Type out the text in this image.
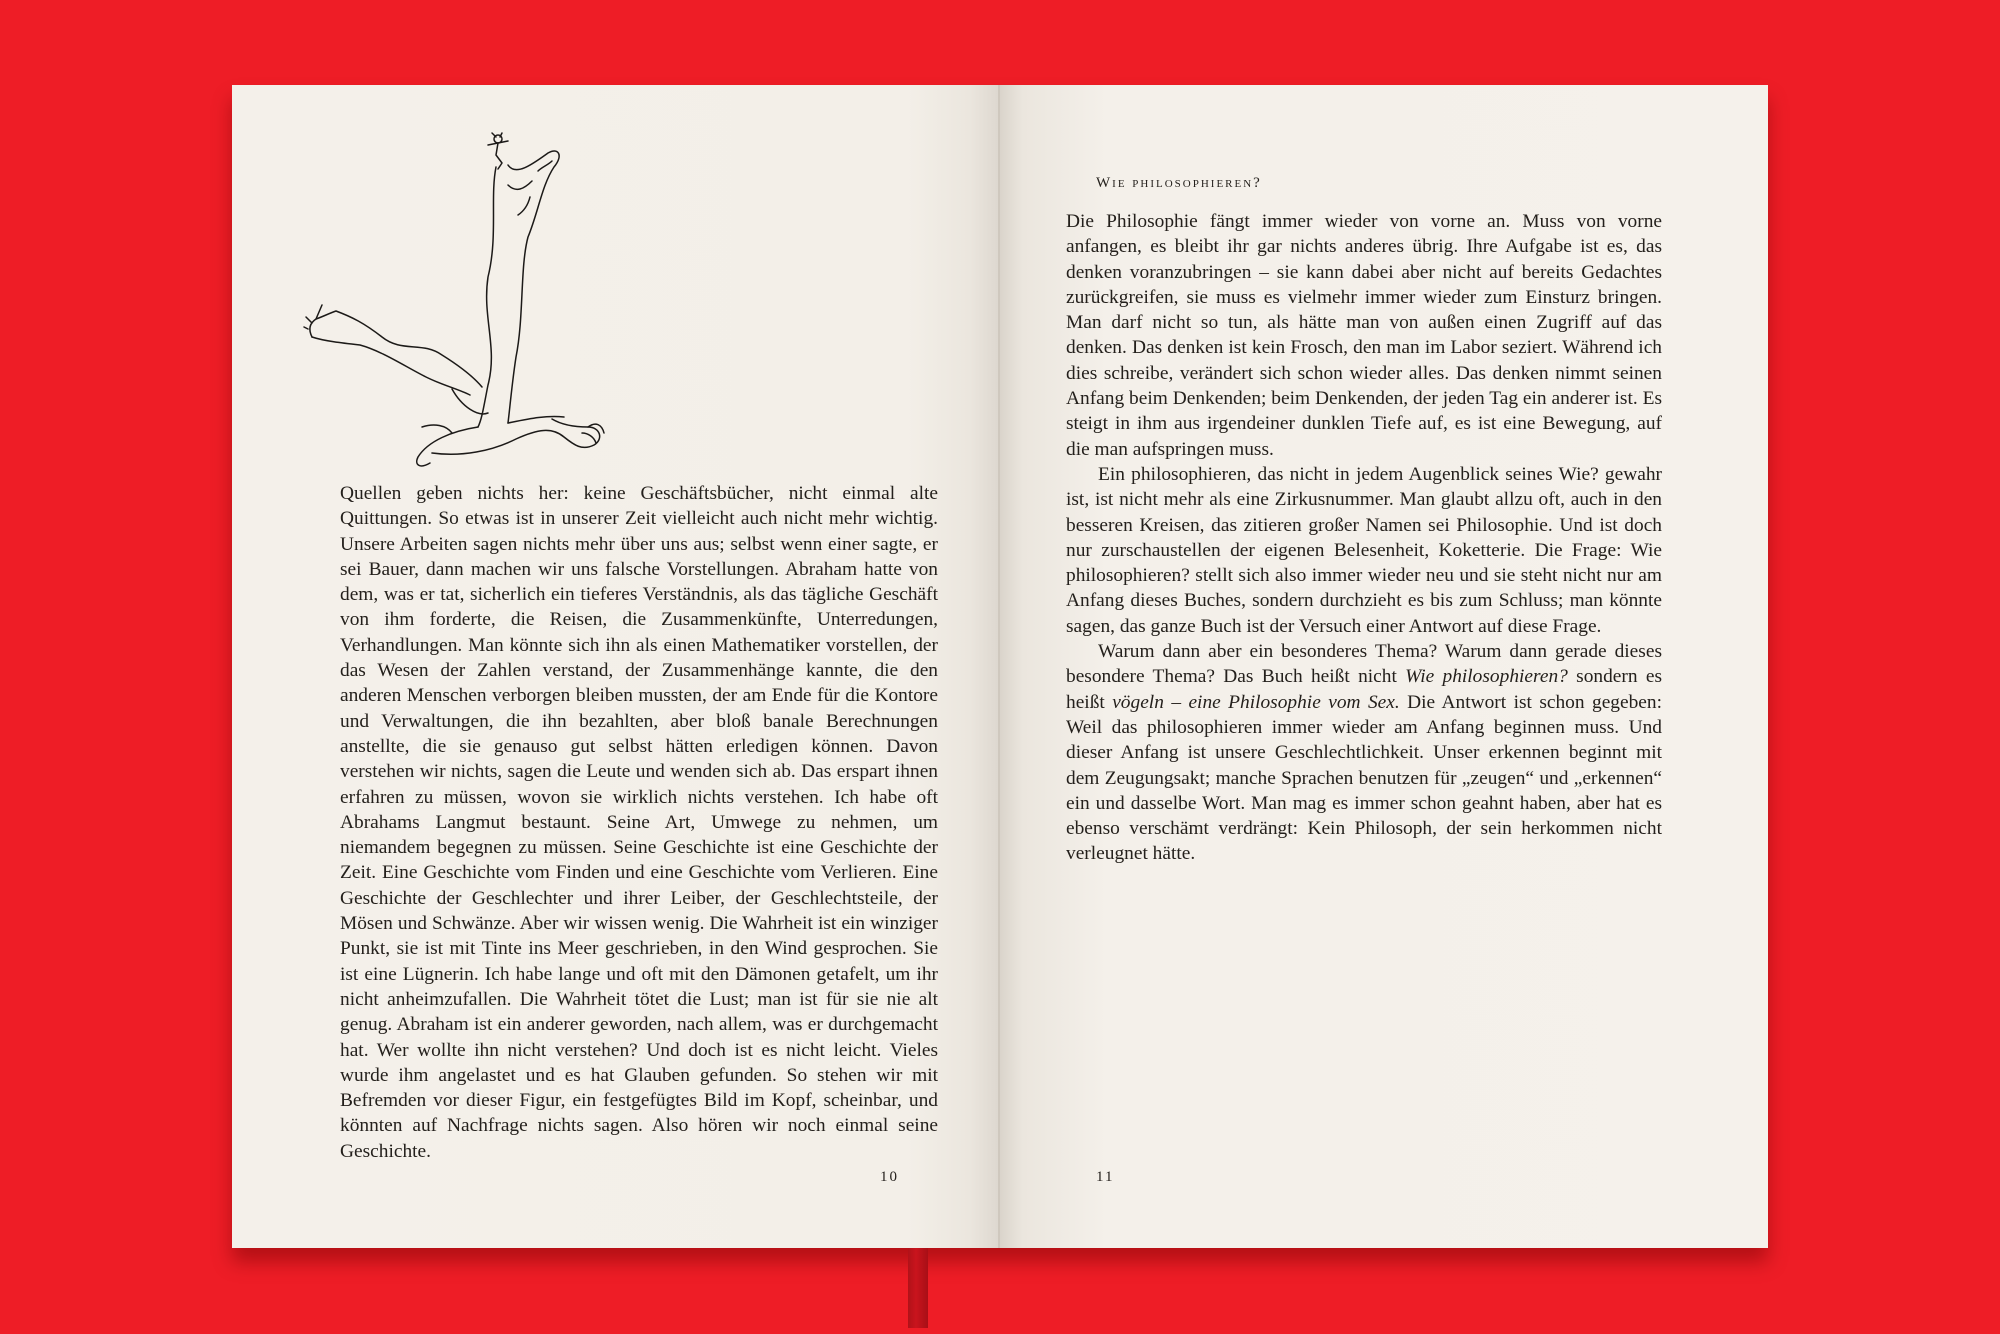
Quellen geben nichts her: keine Geschäftsbücher, nicht einmal alte Quittungen. So etwas ist in unserer Zeit vielleicht auch nicht mehr wichtig. Unsere Arbeiten sagen nichts mehr über uns aus; selbst wenn einer sagte, er sei Bauer, dann machen wir uns falsche Vorstellungen. Abraham hatte von dem, was er tat, sicherlich ein tieferes Verständnis, als das tägliche Geschäft von ihm forderte, die Reisen, die Zusammenkünfte, Unterredungen, Verhandlungen. Man könnte sich ihn als einen Mathematiker vorstellen, der das Wesen der Zahlen verstand, der Zusammenhänge kannte, die den anderen Menschen verborgen bleiben mussten, der am Ende für die Kontore und Verwaltungen, die ihn bezahlten, aber bloß banale Berechnungen anstellte, die sie genauso gut selbst hätten erledigen können. Davon verstehen wir nichts, sagen die Leute und wenden sich ab. Das erspart ihnen erfahren zu müssen, wovon sie wirklich nichts verstehen. Ich habe oft Abrahams Langmut bestaunt. Seine Art, Umwege zu nehmen, um niemandem begegnen zu müssen. Seine Geschichte ist eine Geschichte der Zeit. Eine Geschichte vom Finden und eine Geschichte vom Verlieren. Eine Geschichte der Geschlechter und ihrer Leiber, der Geschlechtsteile, der Mösen und Schwänze. Aber wir wissen wenig. Die Wahrheit ist ein winziger Punkt, sie ist mit Tinte ins Meer geschrieben, in den Wind gesprochen. Sie ist eine Lügnerin. Ich habe lange und oft mit den Dämonen getafelt, um ihr nicht anheimzufallen. Die Wahrheit tötet die Lust; man ist für sie nie alt genug. Abraham ist ein anderer geworden, nach allem, was er durchgemacht hat. Wer wollte ihn nicht verstehen? Und doch ist es nicht leicht. Vieles wurde ihm angelastet und es hat Glauben gefunden. So stehen wir mit Befremden vor dieser Figur, ein festgefügtes Bild im Kopf, scheinbar, und könnten auf Nachfrage nichts sagen. Also hören wir noch einmal seine Geschichte.

10

Wie philosophieren?

Die Philosophie fängt immer wieder von vorne an. Muss von vorne anfangen, es bleibt ihr gar nichts anderes übrig. Ihre Aufgabe ist es, das denken voranzubringen – sie kann dabei aber nicht auf bereits Gedachtes zurückgreifen, sie muss es vielmehr immer wieder zum Einsturz bringen. Man darf nicht so tun, als hätte man von außen einen Zugriff auf das denken. Das denken ist kein Frosch, den man im Labor seziert. Während ich dies schreibe, verändert sich schon wieder alles. Das denken nimmt seinen Anfang beim Denkenden; beim Denkenden, der jeden Tag ein anderer ist. Es steigt in ihm aus irgendeiner dunklen Tiefe auf, es ist eine Bewegung, auf die man aufspringen muss.

Ein philosophieren, das nicht in jedem Augenblick seines Wie? gewahr ist, ist nicht mehr als eine Zirkusnummer. Man glaubt allzu oft, auch in den besseren Kreisen, das zitieren großer Namen sei Philosophie. Und ist doch nur zurschaustellen der eigenen Belesenheit, Koketterie. Die Frage: Wie philosophieren? stellt sich also immer wieder neu und sie steht nicht nur am Anfang dieses Buches, sondern durchzieht es bis zum Schluss; man könnte sagen, das ganze Buch ist der Versuch einer Antwort auf diese Frage.

Warum dann aber ein besonderes Thema? Warum dann gerade dieses besondere Thema? Das Buch heißt nicht Wie philosophieren? sondern es heißt vögeln – eine Philosophie vom Sex. Die Antwort ist schon gegeben: Weil das philosophieren immer wieder am Anfang beginnen muss. Und dieser Anfang ist unsere Geschlechtlichkeit. Unser erkennen beginnt mit dem Zeugungsakt; manche Sprachen benutzen für „zeugen“ und „erkennen“ ein und dasselbe Wort. Man mag es immer schon geahnt haben, aber hat es ebenso verschämt verdrängt: Kein Philosoph, der sein herkommen nicht verleugnet hätte.

11
